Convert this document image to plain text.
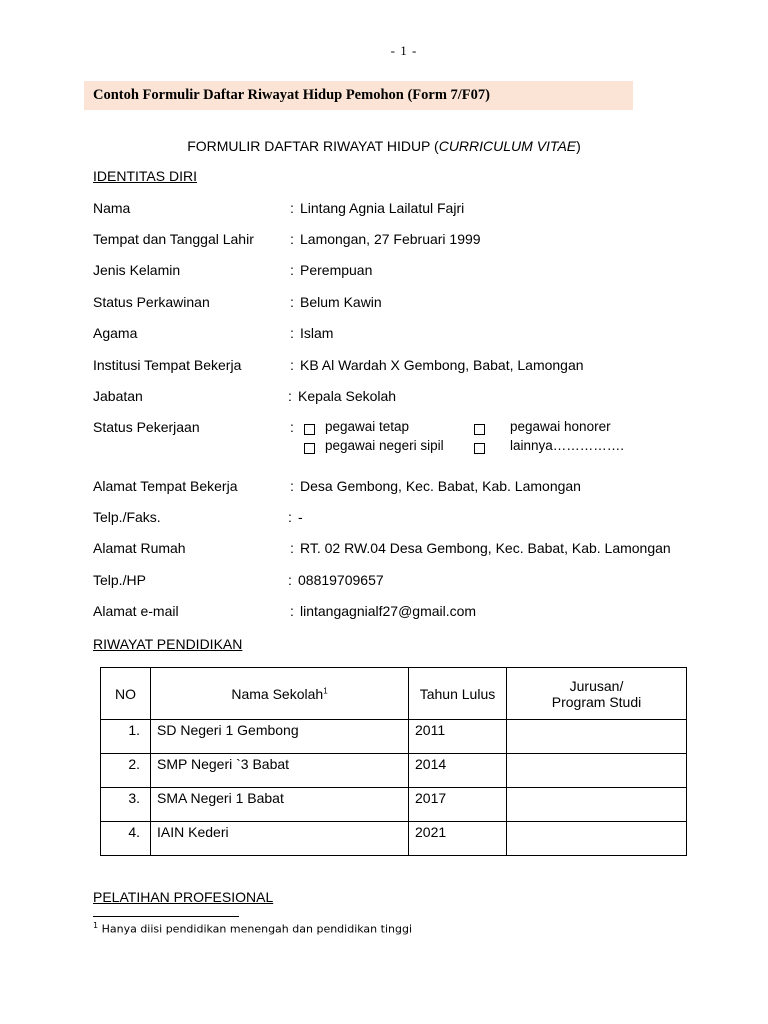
- 1 -
Contoh Formulir Daftar Riwayat Hidup Pemohon (Form 7/F07)
FORMULIR DAFTAR RIWAYAT HIDUP (CURRICULUM VITAE)
IDENTITAS DIRI
Nama	: Lintang Agnia Lailatul Fajri
Tempat dan Tanggal Lahir	: Lamongan, 27 Februari 1999
Jenis Kelamin	: Perempuan
Status Perkawinan	: Belum Kawin
Agama	: Islam
Institusi Tempat Bekerja	: KB Al Wardah X Gembong, Babat, Lamongan
Jabatan	: Kepala Sekolah
Status Pekerjaan	: pegawai tetap	pegawai honorer
pegawai negeri sipil	lainnya…………….
Alamat Tempat Bekerja	: Desa Gembong, Kec. Babat, Kab. Lamongan
Telp./Faks.	: -
Alamat Rumah	: RT. 02 RW.04 Desa Gembong, Kec. Babat, Kab. Lamongan
Telp./HP	: 08819709657
Alamat e-mail	: lintangagnialf27@gmail.com
RIWAYAT PENDIDIKAN
NO	Nama Sekolah$^1$	Tahun Lulus	Jurusan/
Program Studi
1.	SD Negeri 1 Gembong	2011	
2.	SMP Negeri `3 Babat	2014	
3.	SMA Negeri 1 Babat	2017	
4.	IAIN Kederi	2021	
PELATIHAN PROFESIONAL
$^1$ Hanya diisi pendidikan menengah dan pendidikan tinggi
